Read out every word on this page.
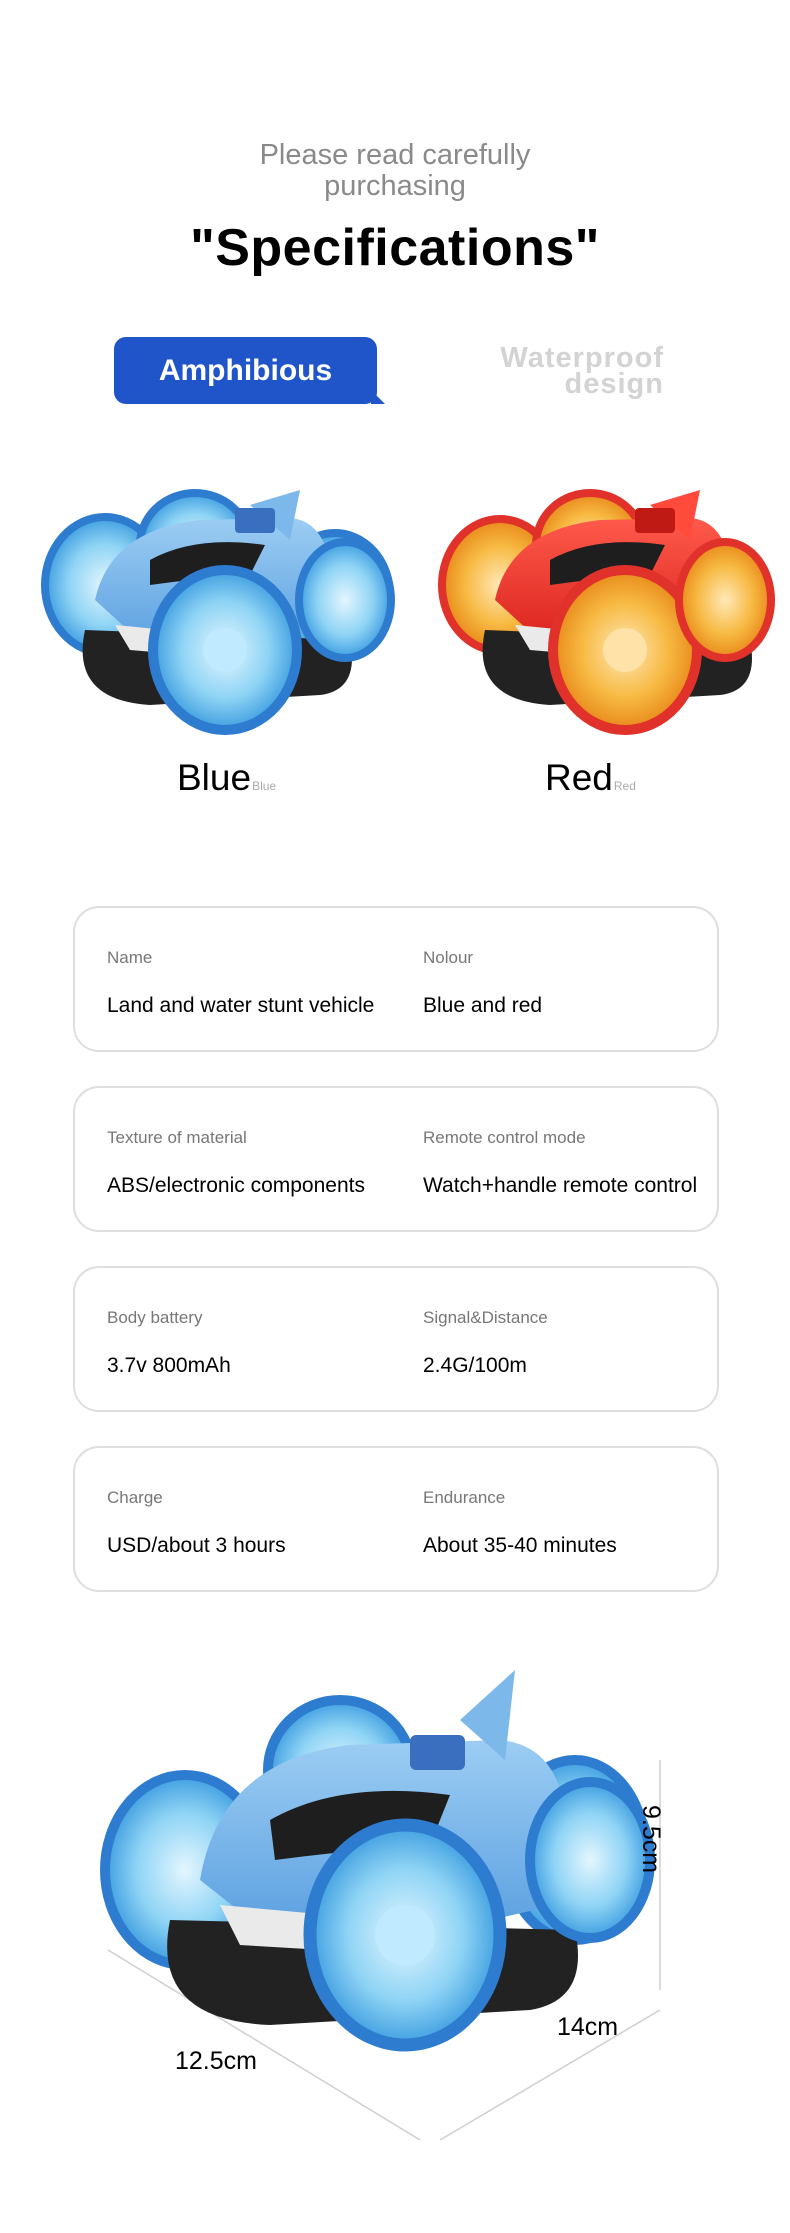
Please read carefully
purchasing
"Specifications"
Amphibious	Waterproof
design
BlueBlue	RedRed
Name
Land and water stunt vehicle
Nolour
Blue and red
Texture of material
ABS/electronic components
Remote control mode
Watch+handle remote control
Body battery
3.7v 800mAh
Signal&Distance
2.4G/100m
Charge
USD/about 3 hours
Endurance
About 35-40 minutes
9.5cm
14cm
12.5cm
